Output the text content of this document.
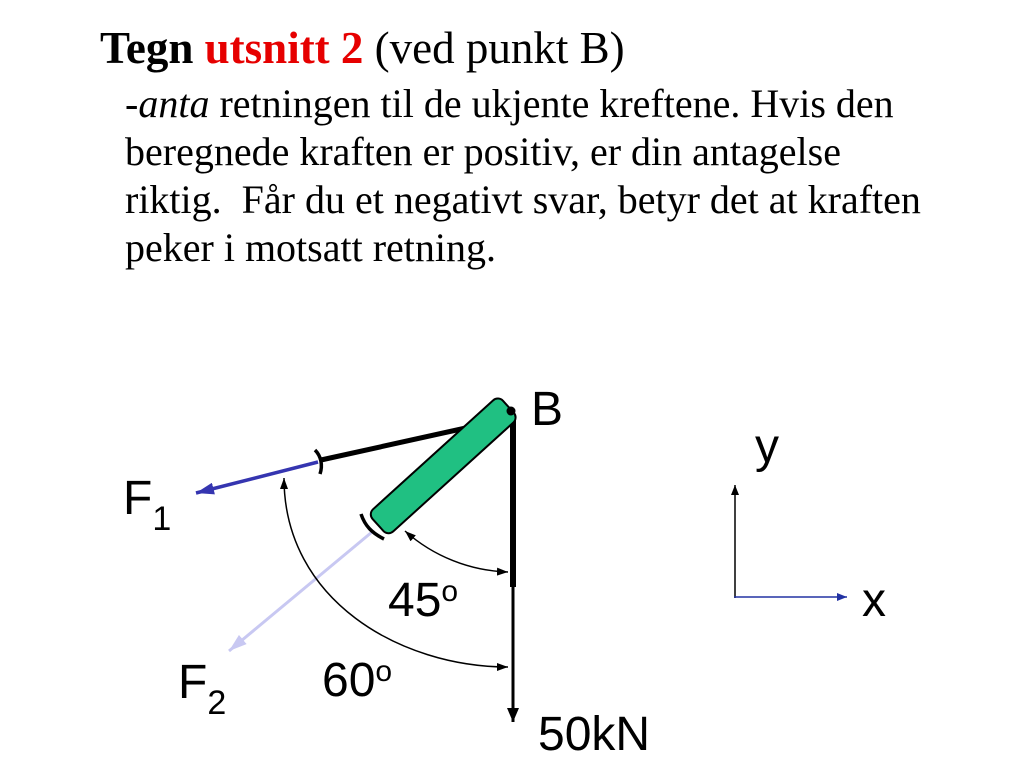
Tegn utsnitt 2 (ved punkt B)
-anta retningen til de ukjente kreftene. Hvis den
beregnede kraften er positiv, er din antagelse
riktig.  Får du et negativt svar, betyr det at kraften
peker i motsatt retning.
B
$F_1$
$F_2$
45$^o$
60$^o$
50kN
y
x
